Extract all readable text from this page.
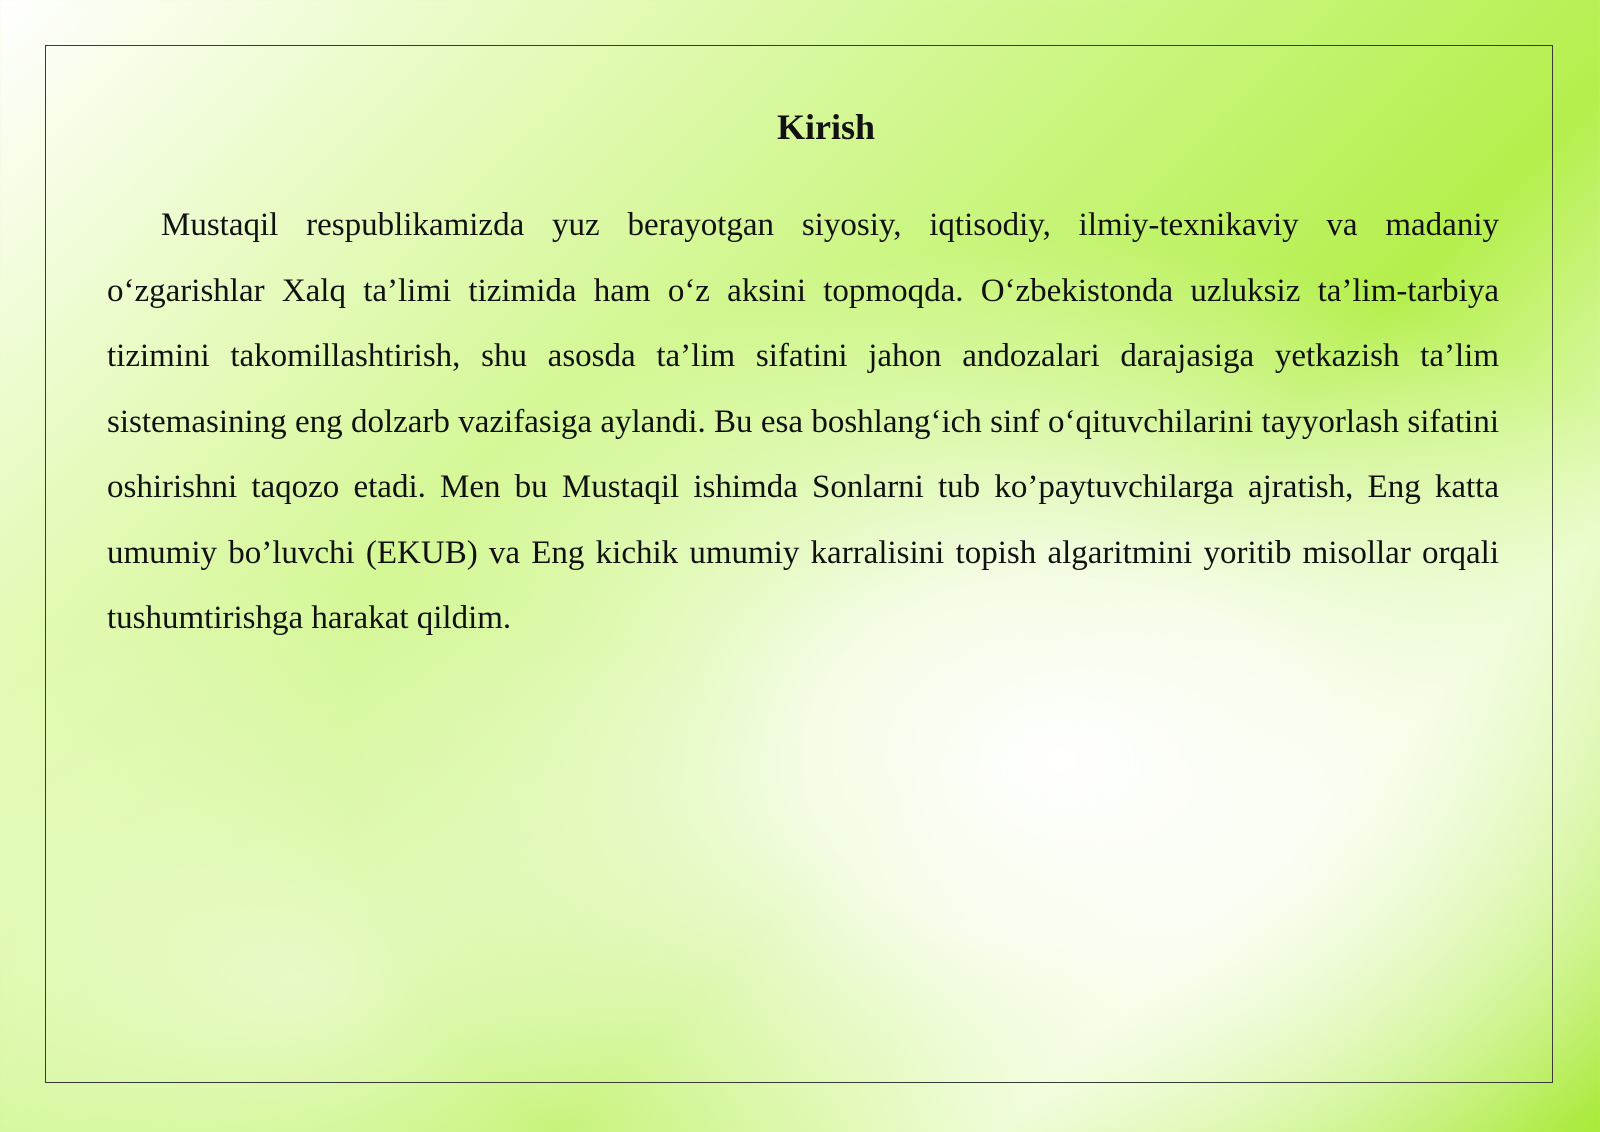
Kirish

Mustaqil respublikamizda yuz berayotgan siyosiy, iqtisodiy, ilmiy-texnikaviy va madaniy o‘zgarishlar Xalq ta’limi tizimida ham o‘z aksini topmoqda. O‘zbekistonda uzluksiz ta’lim-tarbiya tizimini takomillashtirish, shu asosda ta’lim sifatini jahon andozalari darajasiga yetkazish ta’lim sistemasining eng dolzarb vazifasiga aylandi. Bu esa boshlang‘ich sinf o‘qituvchilarini tayyorlash sifatini oshirishni taqozo etadi. Men bu Mustaqil ishimda Sonlarni tub ko’paytuvchilarga ajratish, Eng katta umumiy bo’luvchi (EKUB) va Eng kichik umumiy karralisini topish algaritmini yoritib misollar orqali tushumtirishga harakat qildim.
